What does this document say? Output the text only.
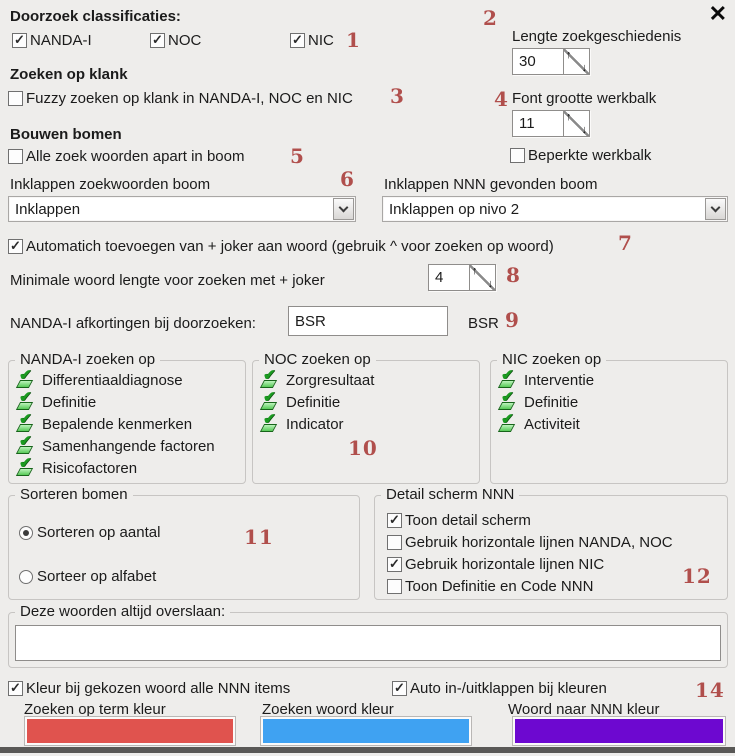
✕
1
2
3	4
5
6
7
8
9
10
11
12
14
Doorzoek classificaties:
✓
NANDA-I ✓	NOC ✓	NIC	Lengte zoekgeschiedenis
30	↑
↓
Zoeken op klank
Fuzzy zoeken op klank in NANDA-I, NOC en NIC	Font grootte werkbalk
11	↑
↓
Beperkte werkbalk
Bouwen bomen
Alle zoek woorden apart in boom
Inklappen zoekwoorden boom
Inklappen
Inklappen NNN gevonden boom
Inklappen op nivo 2
✓
Automatich toevoegen van + joker aan woord (gebruik ^ voor zoeken op woord)
Minimale woord lengte voor zoeken met + joker	4	↑
↓
NANDA-I afkortingen bij doorzoeken:
BSR	BSR
NANDA-I zoeken op
✔ Differentiaaldiagnose
✔ Definitie
✔ Bepalende kenmerken
✔ Samenhangende factoren
✔ Risicofactoren
NOC zoeken op
✔ Zorgresultaat
✔ Definitie
✔ Indicator
NIC zoeken op
✔ Interventie
✔ Definitie
✔ Activiteit
Sorteren bomen
Sorteren op aantal
Sorteer op alfabet
Detail scherm NNN
✓
Toon detail scherm
Gebruik horizontale lijnen NANDA, NOC
✓
Gebruik horizontale lijnen NIC
Toon Definitie en Code NNN
Deze woorden altijd overslaan:
✓
Kleur bij gekozen woord alle NNN items ✓	Auto in-/uitklappen bij kleuren
Zoeken op term kleur	Zoeken woord kleur	Woord naar NNN kleur
